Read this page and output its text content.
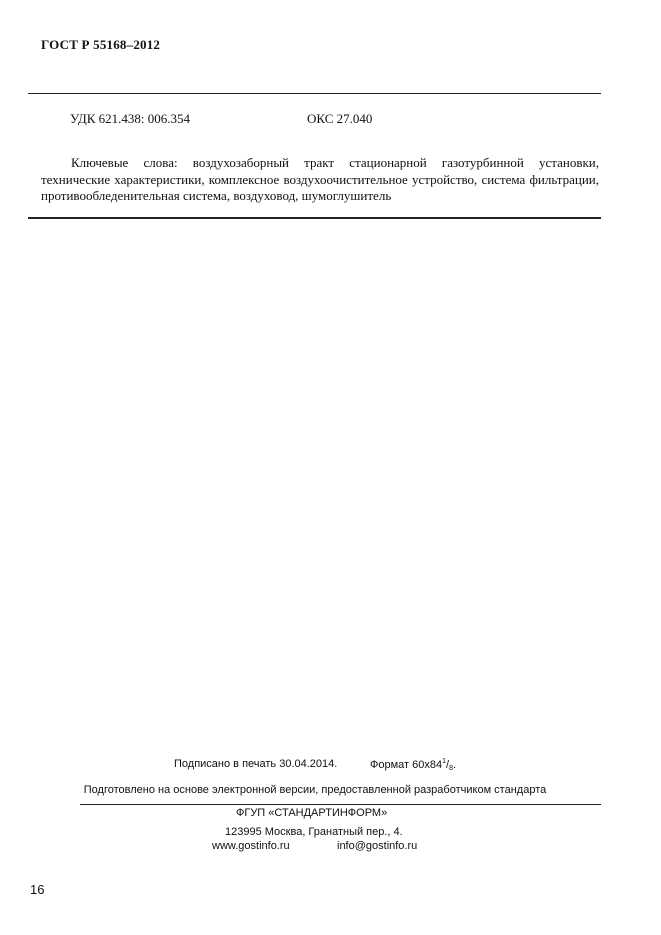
ГОСТ Р 55168–2012
УДК 621.438: 006.354	ОКС 27.040
Ключевые слова: воздухозаборный тракт стационарной газотурбинной установки, технические характеристики, комплексное воздухоочистительное устройство, система фильтрации, противообледенительная система, воздуховод, шумоглушитель
Подписано в печать 30.04.2014.	Формат $60х84^1/_8$.
Подготовлено на основе электронной версии, предоставленной разработчиком стандарта
ФГУП «СТАНДАРТИНФОРМ»
123995 Москва, Гранатный пер., 4.
www.gostinfo.ru	info@gostinfo.ru
16
